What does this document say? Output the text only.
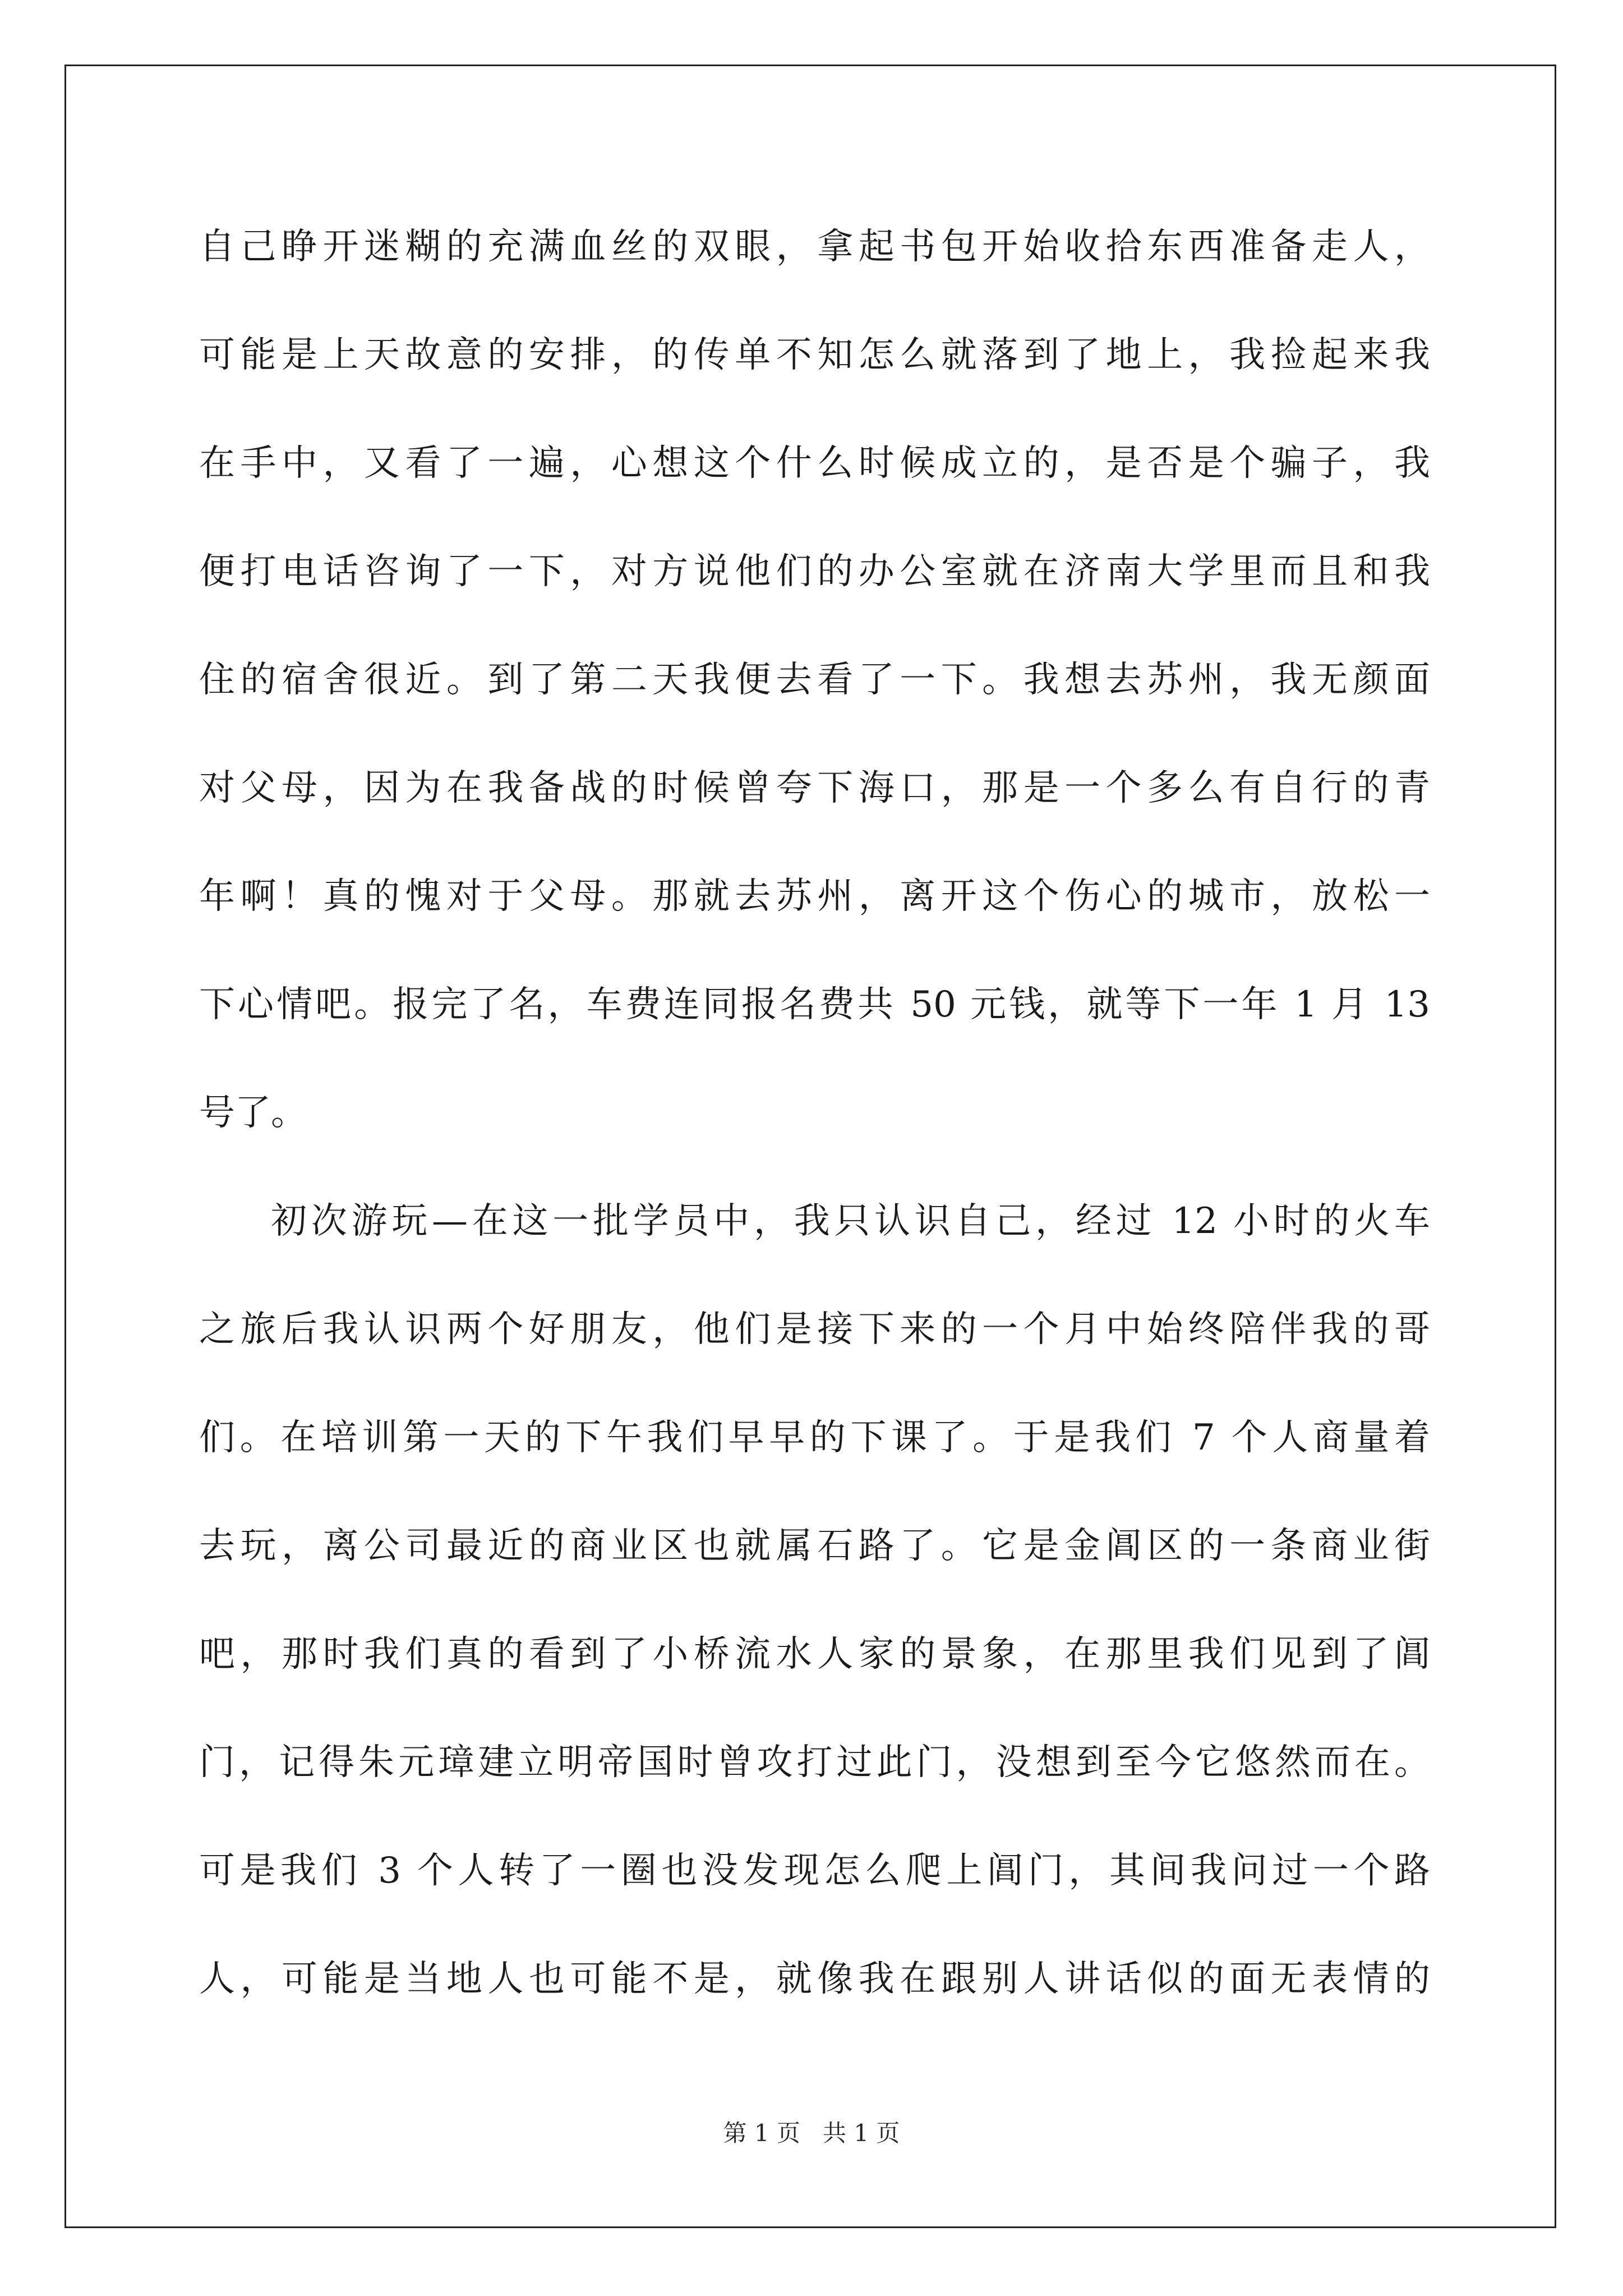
自己睁开迷糊的充满血丝的双眼，拿起书包开始收拾东西准备走人，
可能是上天故意的安排，的传单不知怎么就落到了地上，我捡起来我
在手中，又看了一遍，心想这个什么时候成立的，是否是个骗子，我
便打电话咨询了一下，对方说他们的办公室就在济南大学里而且和我
住的宿舍很近。到了第二天我便去看了一下。我想去苏州，我无颜面
对父母，因为在我备战的时候曾夸下海口，那是一个多么有自行的青
年啊！真的愧对于父母。那就去苏州，离开这个伤心的城市，放松一
下心情吧。报完了名，车费连同报名费共 50 元钱，就等下一年 1 月 13
号了。
初次游玩—在这一批学员中，我只认识自己，经过 12 小时的火车
之旅后我认识两个好朋友，他们是接下来的一个月中始终陪伴我的哥
们。在培训第一天的下午我们早早的下课了。于是我们 7 个人商量着
去玩，离公司最近的商业区也就属石路了。它是金阊区的一条商业街
吧，那时我们真的看到了小桥流水人家的景象，在那里我们见到了阊
门，记得朱元璋建立明帝国时曾攻打过此门，没想到至今它悠然而在。
可是我们 3 个人转了一圈也没发现怎么爬上阊门，其间我问过一个路
人，可能是当地人也可能不是，就像我在跟别人讲话似的面无表情的
第 1 页 共 1 页
